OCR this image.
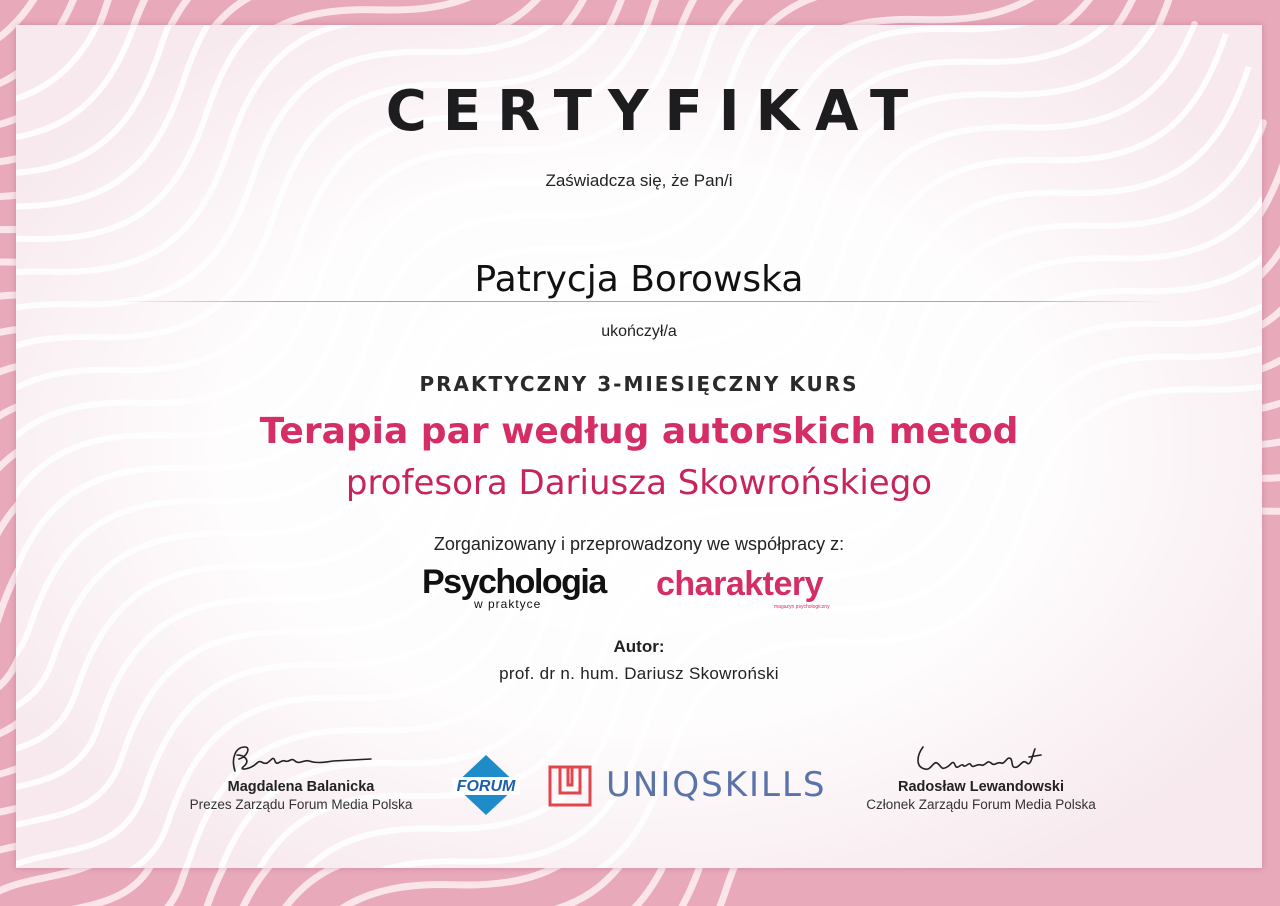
CERTYFIKAT
Zaświadcza się, że Pan/i
Patrycja Borowska
ukończył/a
PRAKTYCZNY 3-MIESIĘCZNY KURS
Terapia par według autorskich metod
profesora Dariusza Skowrońskiego
Zorganizowany i przeprowadzony we współpracy z:
Psychologia
w praktyce
charaktery
magazyn psychologiczny
Autor:
prof. dr n. hum. Dariusz Skowroński
Magdalena Balanicka
Prezes Zarządu Forum Media Polska
FORUM	UNIQSKILLS	Radosław Lewandowski
Członek Zarządu Forum Media Polska
